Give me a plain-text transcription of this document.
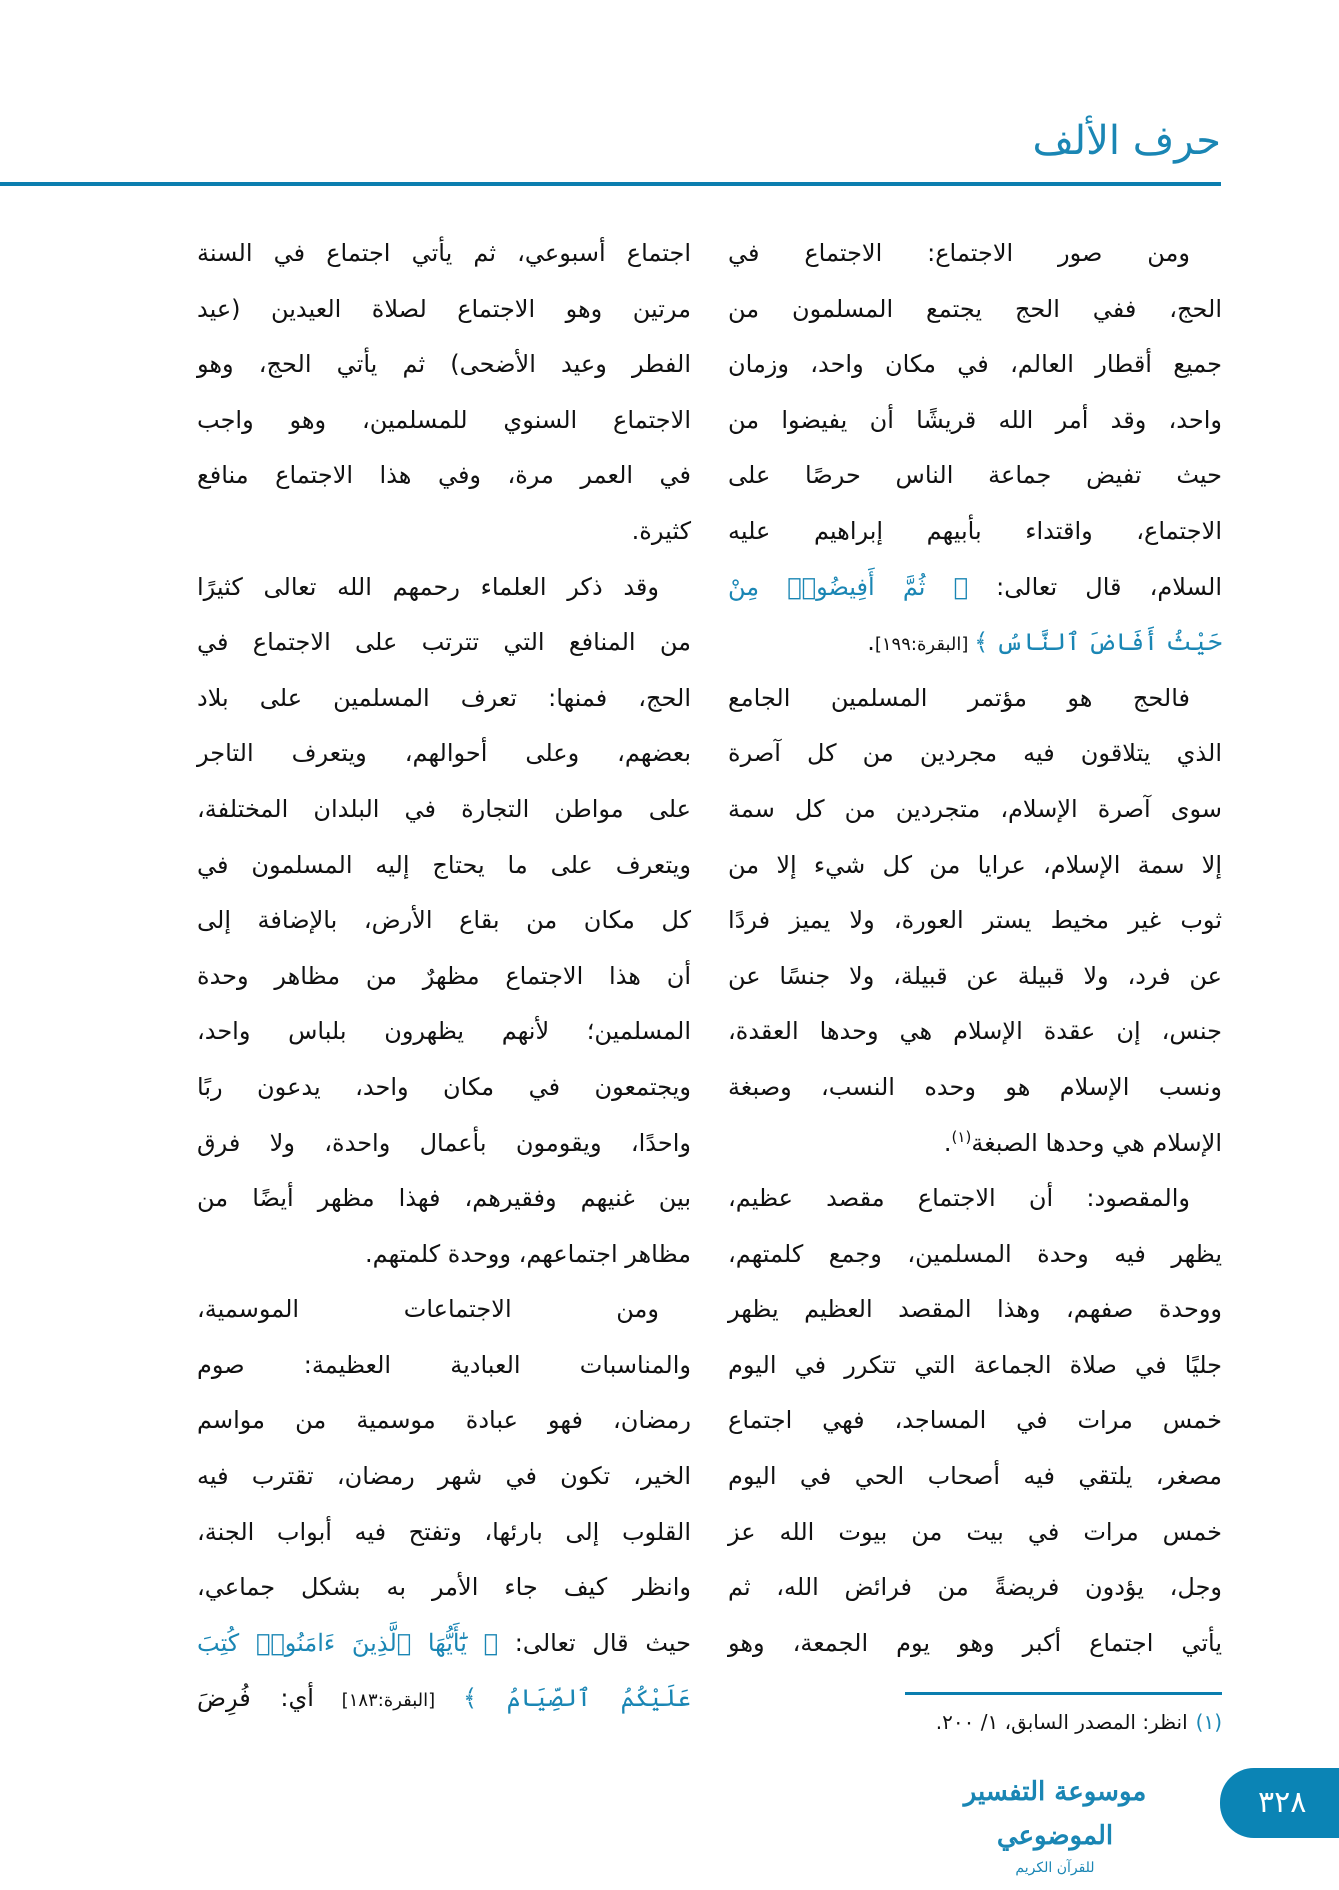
حرف الألف
ومن صور الاجتماع: الاجتماع في
الحج، ففي الحج يجتمع المسلمون من
جميع أقطار العالم، في مكان واحد، وزمان
واحد، وقد أمر الله قريشًا أن يفيضوا من
حيث تفيض جماعة الناس حرصًا على
الاجتماع، واقتداء بأبيهم إبراهيم عليه
السلام، قال تعالى: ﴿ ثُمَّ أَفِيضُوا۟ مِنْ
حَيْثُ أَفَاضَ ٱلنَّاسُ ﴾ [البقرة:١٩٩].
فالحج هو مؤتمر المسلمين الجامع
الذي يتلاقون فيه مجردين من كل آصرة
سوى آصرة الإسلام، متجردين من كل سمة
إلا سمة الإسلام، عرايا من كل شيء إلا من
ثوب غير مخيط يستر العورة، ولا يميز فردًا
عن فرد، ولا قبيلة عن قبيلة، ولا جنسًا عن
جنس، إن عقدة الإسلام هي وحدها العقدة،
ونسب الإسلام هو وحده النسب، وصبغة
الإسلام هي وحدها الصبغة$^{(١)}$.
والمقصود: أن الاجتماع مقصد عظيم،
يظهر فيه وحدة المسلمين، وجمع كلمتهم،
ووحدة صفهم، وهذا المقصد العظيم يظهر
جليًا في صلاة الجماعة التي تتكرر في اليوم
خمس مرات في المساجد، فهي اجتماع
مصغر، يلتقي فيه أصحاب الحي في اليوم
خمس مرات في بيت من بيوت الله عز
وجل، يؤدون فريضةً من فرائض الله، ثم
يأتي اجتماع أكبر وهو يوم الجمعة، وهو
اجتماع أسبوعي، ثم يأتي اجتماع في السنة
مرتين وهو الاجتماع لصلاة العيدين (عيد
الفطر وعيد الأضحى) ثم يأتي الحج، وهو
الاجتماع السنوي للمسلمين، وهو واجب
في العمر مرة، وفي هذا الاجتماع منافع
كثيرة.
وقد ذكر العلماء رحمهم الله تعالى كثيرًا
من المنافع التي تترتب على الاجتماع في
الحج، فمنها: تعرف المسلمين على بلاد
بعضهم، وعلى أحوالهم، ويتعرف التاجر
على مواطن التجارة في البلدان المختلفة،
ويتعرف على ما يحتاج إليه المسلمون في
كل مكان من بقاع الأرض، بالإضافة إلى
أن هذا الاجتماع مظهرٌ من مظاهر وحدة
المسلمين؛ لأنهم يظهرون بلباس واحد،
ويجتمعون في مكان واحد، يدعون ربًا
واحدًا، ويقومون بأعمال واحدة، ولا فرق
بين غنيهم وفقيرهم، فهذا مظهر أيضًا من
مظاهر اجتماعهم، ووحدة كلمتهم.
ومن الاجتماعات الموسمية،
والمناسبات العبادية العظيمة: صوم
رمضان، فهو عبادة موسمية من مواسم
الخير، تكون في شهر رمضان، تقترب فيه
القلوب إلى بارئها، وتفتح فيه أبواب الجنة،
وانظر كيف جاء الأمر به بشكل جماعي،
حيث قال تعالى: ﴿ يَٰٓأَيُّهَا ٱلَّذِينَ ءَامَنُوا۟ كُتِبَ
عَلَيْكُمُ ٱلصِّيَامُ ﴾ [البقرة:١٨٣] أي: فُرِضَ
(١)انظر: المصدر السابق، ١/ ٢٠٠.
موسوعة التفسير الموضوعي
للقرآن الكريم
٣٢٨
